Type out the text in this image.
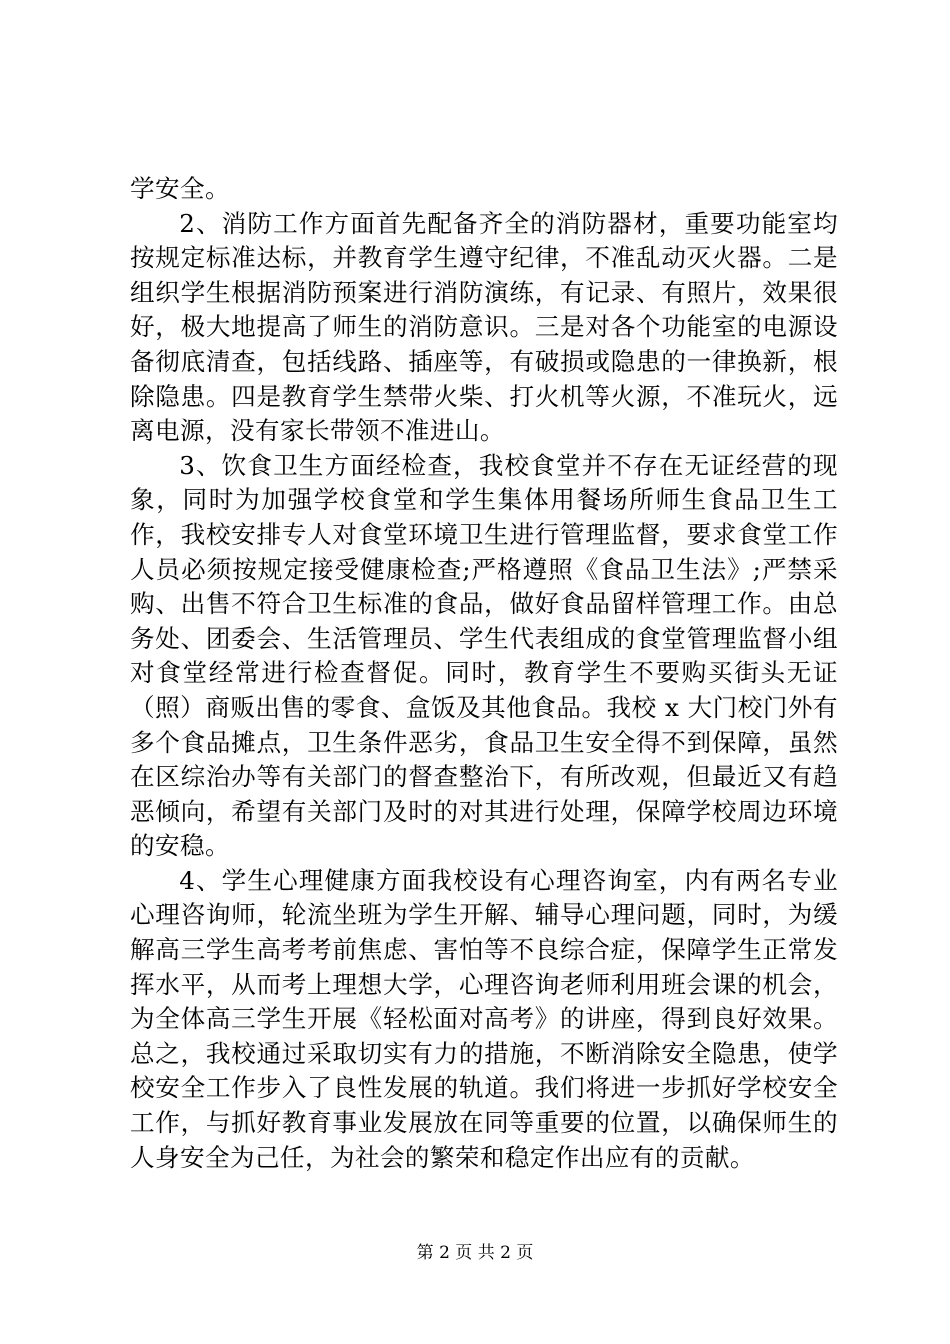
学安全。

2、消防工作方面首先配备齐全的消防器材，重要功能室均按规定标准达标，并教育学生遵守纪律，不准乱动灭火器。二是组织学生根据消防预案进行消防演练，有记录、有照片，效果很好，极大地提高了师生的消防意识。三是对各个功能室的电源设备彻底清查，包括线路、插座等，有破损或隐患的一律换新，根除隐患。四是教育学生禁带火柴、打火机等火源，不准玩火，远离电源，没有家长带领不准进山。

3、饮食卫生方面经检查，我校食堂并不存在无证经营的现象，同时为加强学校食堂和学生集体用餐场所师生食品卫生工作，我校安排专人对食堂环境卫生进行管理监督，要求食堂工作人员必须按规定接受健康检查;严格遵照《食品卫生法》;严禁采购、出售不符合卫生标准的食品，做好食品留样管理工作。由总务处、团委会、生活管理员、学生代表组成的食堂管理监督小组对食堂经常进行检查督促。同时，教育学生不要购买街头无证（照）商贩出售的零食、盒饭及其他食品。我校 x 大门校门外有多个食品摊点，卫生条件恶劣，食品卫生安全得不到保障，虽然在区综治办等有关部门的督查整治下，有所改观，但最近又有趋恶倾向，希望有关部门及时的对其进行处理，保障学校周边环境的安稳。

4、学生心理健康方面我校设有心理咨询室，内有两名专业心理咨询师，轮流坐班为学生开解、辅导心理问题，同时，为缓解高三学生高考考前焦虑、害怕等不良综合症，保障学生正常发挥水平，从而考上理想大学，心理咨询老师利用班会课的机会，为全体高三学生开展《轻松面对高考》的讲座，得到良好效果。总之，我校通过采取切实有力的措施，不断消除安全隐患，使学校安全工作步入了良性发展的轨道。我们将进一步抓好学校安全工作，与抓好教育事业发展放在同等重要的位置，以确保师生的人身安全为己任，为社会的繁荣和稳定作出应有的贡献。

第 2 页 共 2 页
